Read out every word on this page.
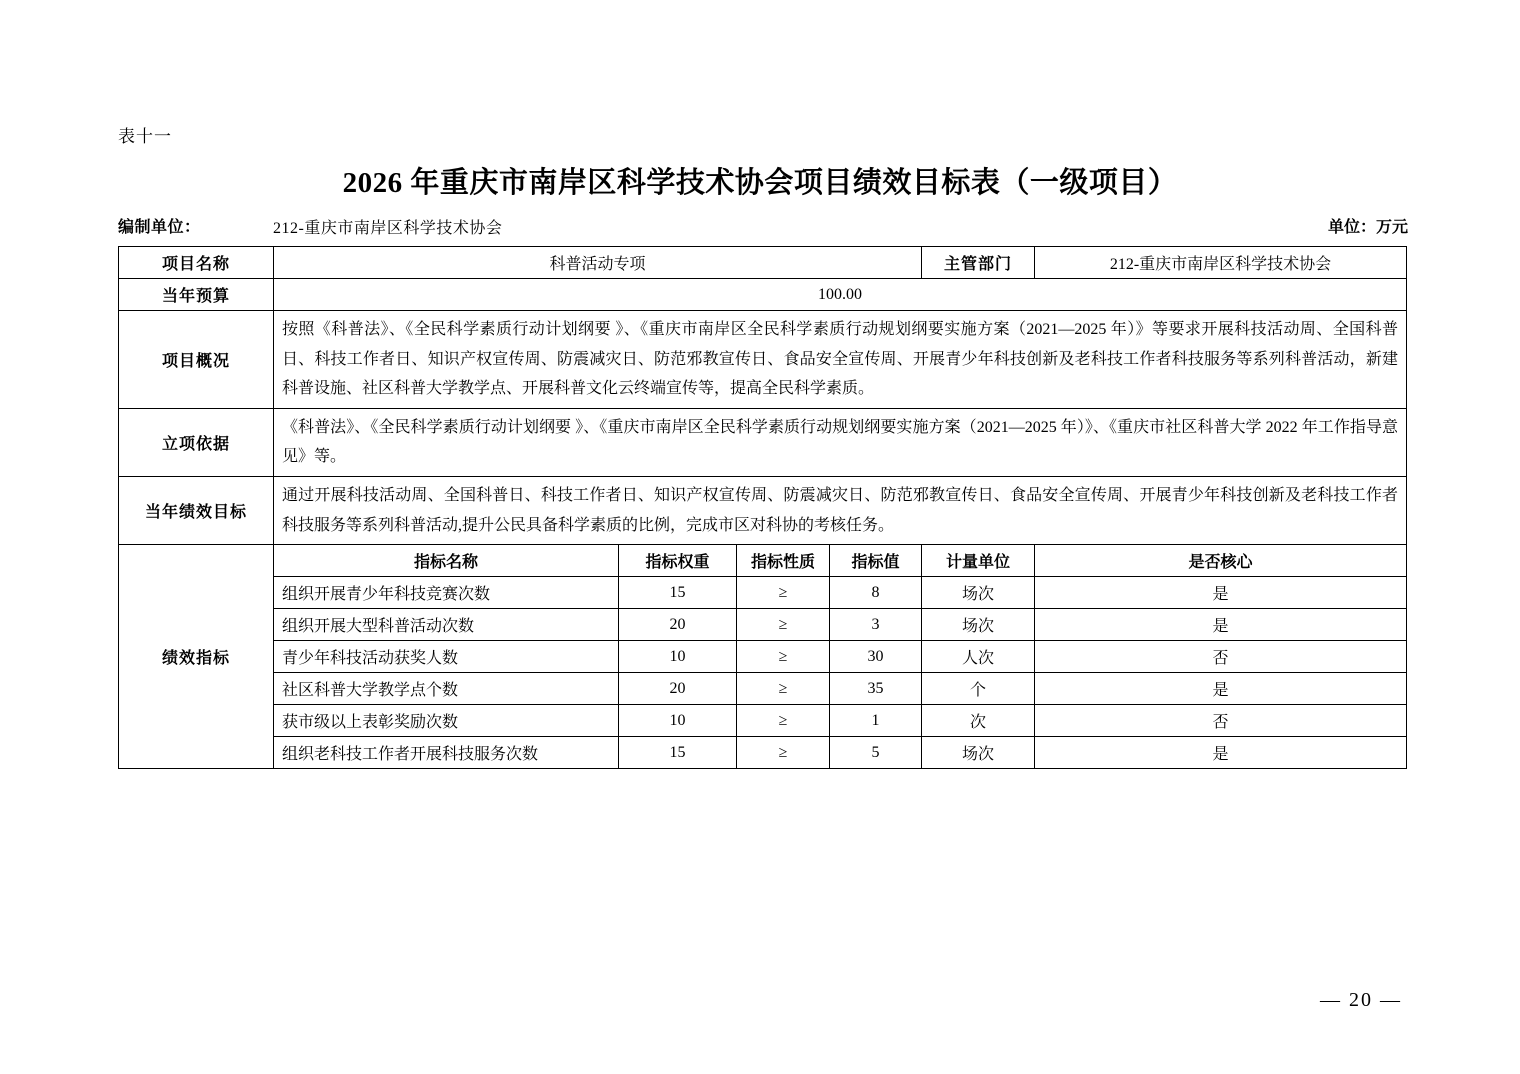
表十一
2026 年重庆市南岸区科学技术协会项目绩效目标表（一级项目）
编制单位：	212-重庆市南岸区科学技术协会	单位：万元
项目名称	科普活动专项				主管部门	212-重庆市南岸区科学技术协会
当年预算	100.00					
项目概况	按照《科普法》、《全民科学素质行动计划纲要 》、《重庆市南岸区全民科学素质行动规划纲要实施方案（2021—2025 年）》等要求开展科技活动周、全国科普日、科技工作者日、知识产权宣传周、防震减灾日、防范邪教宣传日、食品安全宣传周、开展青少年科技创新及老科技工作者科技服务等系列科普活动，新建科普设施、社区科普大学教学点、开展科普文化云终端宣传等，提高全民科学素质。					
立项依据	《科普法》、《全民科学素质行动计划纲要 》、《重庆市南岸区全民科学素质行动规划纲要实施方案（2021—2025 年）》、《重庆市社区科普大学 2022 年工作指导意见》等。					
当年绩效目标	通过开展科技活动周、全国科普日、科技工作者日、知识产权宣传周、防震减灾日、防范邪教宣传日、食品安全宣传周、开展青少年科技创新及老科技工作者科技服务等系列科普活动,提升公民具备科学素质的比例，完成市区对科协的考核任务。					
绩效指标	指标名称	指标权重	指标性质	指标值	计量单位	是否核心
	组织开展青少年科技竞赛次数	15	≥	8	场次	是
	组织开展大型科普活动次数	20	≥	3	场次	是
	青少年科技活动获奖人数	10	≥	30	人次	否
	社区科普大学教学点个数	20	≥	35	个	是
	获市级以上表彰奖励次数	10	≥	1	次	否
	组织老科技工作者开展科技服务次数	15	≥	5	场次	是
— 20 —
